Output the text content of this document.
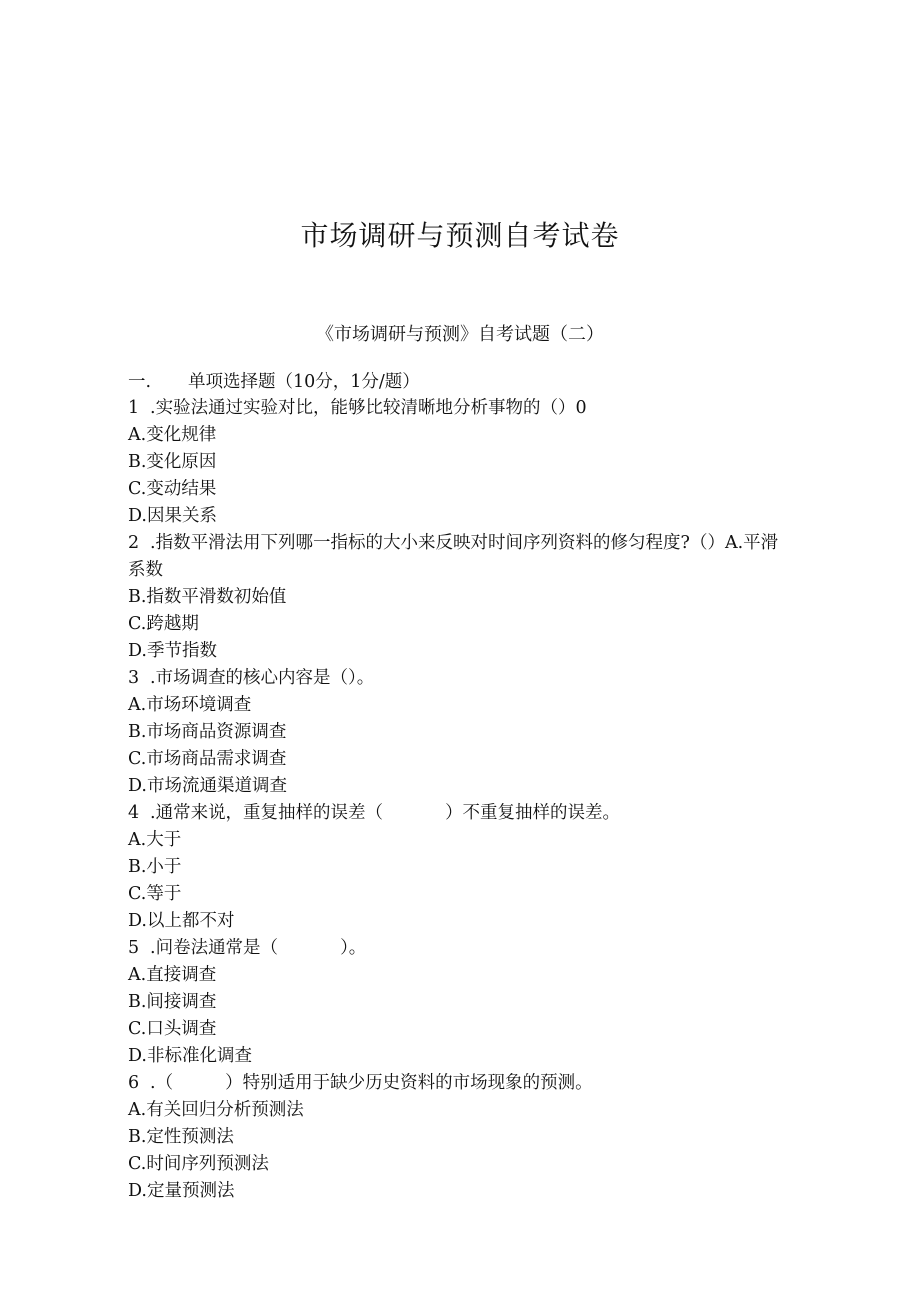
市场调研与预测自考试卷
《市场调研与预测》自考试题（二）
一. 单项选择题（10分，1分/题）
1 .实验法通过实验对比，能够比较清晰地分析事物的（）0
A.变化规律
B.变化原因
C.变动结果
D.因果关系
2 .指数平滑法用下列哪一指标的大小来反映对时间序列资料的修匀程度?（）A.平滑系数
B.指数平滑数初始值
C.跨越期
D.季节指数
3 .市场调查的核心内容是（）。
A.市场环境调查
B.市场商品资源调查
C.市场商品需求调查
D.市场流通渠道调查
4 .通常来说，重复抽样的误差（	）不重复抽样的误差。
A.大于
B.小于
C.等于
D.以上都不对
5 .问卷法通常是（	）。
A.直接调查
B.间接调查
C.口头调查
D.非标准化调查
6 .（	）特别适用于缺少历史资料的市场现象的预测。
A.有关回归分析预测法
B.定性预测法
C.时间序列预测法
D.定量预测法
